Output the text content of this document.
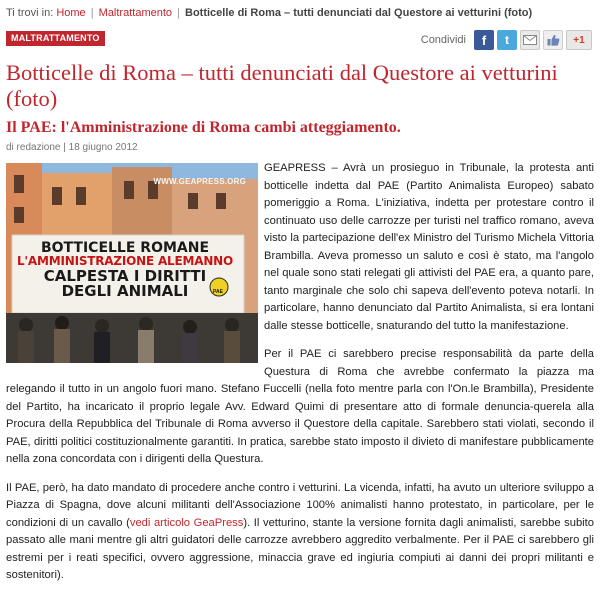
Ti trovi in: Home | Maltrattamento | Botticelle di Roma – tutti denunciati dal Questore ai vetturini (foto)
MALTRATTAMENTO	Condividi f t	+1
Botticelle di Roma – tutti denunciati dal Questore ai vetturini (foto)
Il PAE: l'Amministrazione di Roma cambi atteggiamento.
di redazione | 18 giugno 2012
WWW.GEAPRESS.ORG
BOTTICELLE ROMANE
L'AMMINISTRAZIONE ALEMANNO
CALPESTA I DIRITTI
DEGLI ANIMALI	PAE

GEAPRESS – Avrà un prosieguo in Tribunale, la protesta anti botticelle indetta dal PAE (Partito Animalista Europeo) sabato pomeriggio a Roma. L'iniziativa, indetta per protestare contro il continuato uso delle carrozze per turisti nel traffico romano, aveva visto la partecipazione dell'ex Ministro del Turismo Michela Vittoria Brambilla. Aveva promesso un saluto e così è stato, ma l'angolo nel quale sono stati relegati gli attivisti del PAE era, a quanto pare, tanto marginale che solo chi sapeva dell'evento poteva notarli. In particolare, hanno denunciato dal Partito Animalista, si era lontani dalle stesse botticelle, snaturando del tutto la manifestazione.

Per il PAE ci sarebbero precise responsabilità da parte della Questura di Roma che avrebbe confermato la piazza ma relegando il tutto in un angolo fuori mano. Stefano Fuccelli (nella foto mentre parla con l'On.le Brambilla), Presidente del Partito, ha incaricato il proprio legale Avv. Edward Quimi di presentare atto di formale denuncia-querela alla Procura della Repubblica del Tribunale di Roma avverso il Questore della capitale. Sarebbero stati violati, secondo il PAE, diritti politici costituzionalmente garantiti. In pratica, sarebbe stato imposto il divieto di manifestare pubblicamente nella zona concordata con i dirigenti della Questura.

Il PAE, però, ha dato mandato di procedere anche contro i vetturini. La vicenda, infatti, ha avuto un ulteriore sviluppo a Piazza di Spagna, dove alcuni militanti dell'Associazione 100% animalisti hanno protestato, in particolare, per le condizioni di un cavallo (vedi articolo GeaPress). Il vetturino, stante la versione fornita dagli animalisti, sarebbe subito passato alle mani mentre gli altri guidatori delle carrozze avrebbero aggredito verbalmente. Per il PAE ci sarebbero gli estremi per i reati specifici, ovvero aggressione, minaccia grave ed ingiuria compiuti ai danni dei propri militanti e sostenitori).
